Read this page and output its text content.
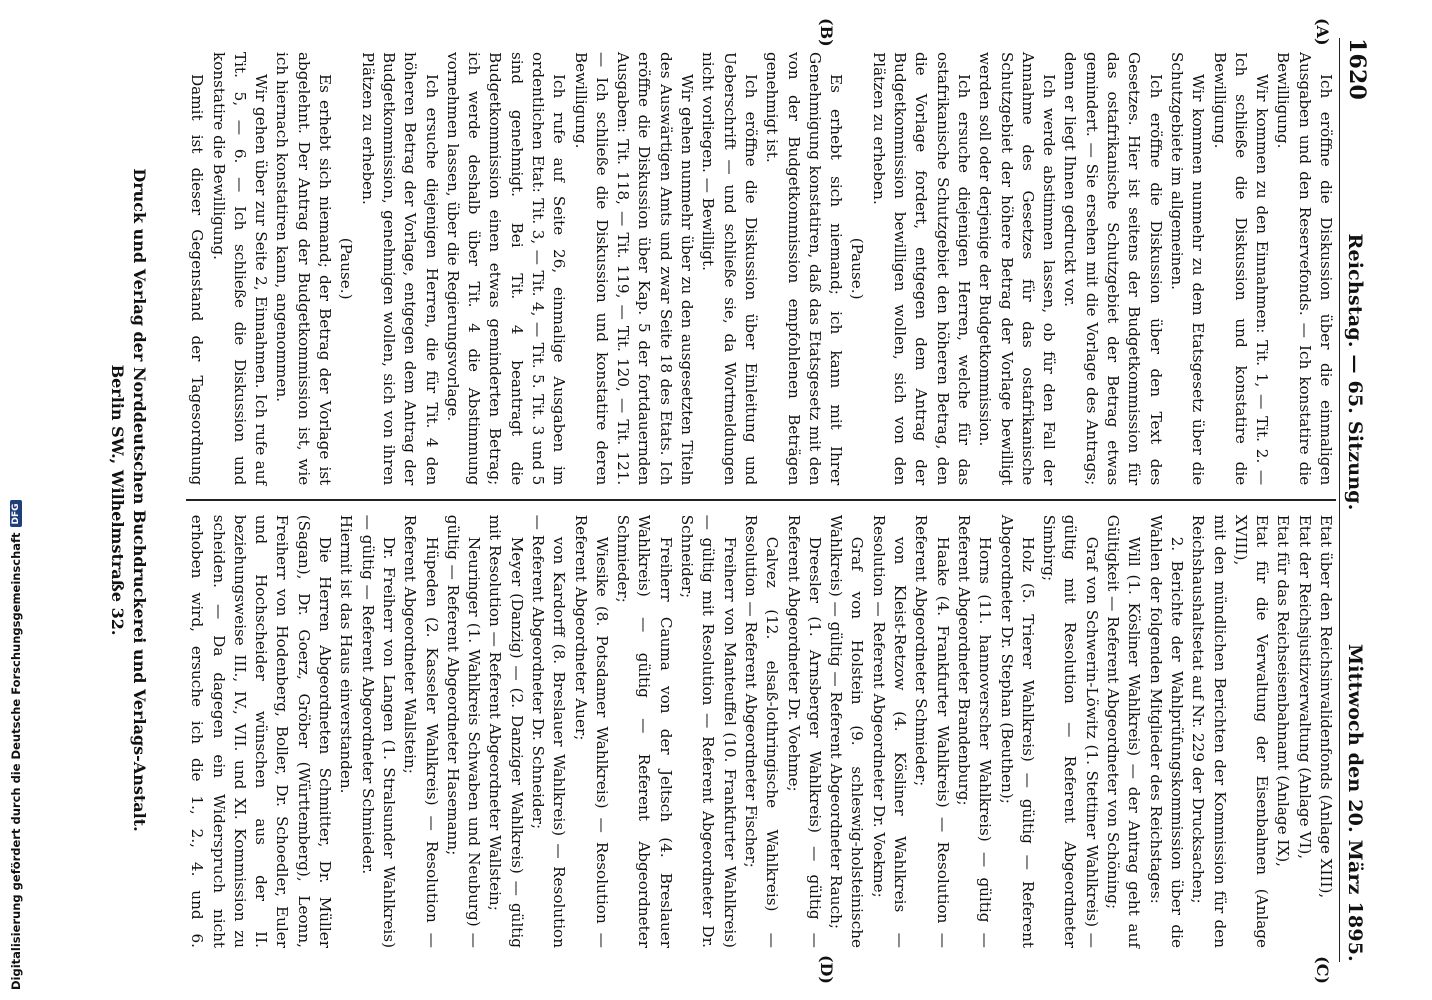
1620
Reichstag. — 65. Sitzung.
Mittwoch den 20. März 1895.
(A)
(B)
(C)
(D)

Ich eröffne die Diskussion über die einmaligen Ausgaben und den Reservefonds. — Ich konstatire die Bewilligung.

Wir kommen zu den Einnahmen: Tit. 1, — Tit. 2. — Ich schließe die Diskussion und konstatire die Bewilligung.

Wir kommen nunmehr zu dem Etatsgesetz über die Schutzgebiete im allgemeinen.

Ich eröffne die Diskussion über den Text des Gesetzes. Hier ist seitens der Budgetkommission für das ostafrikanische Schutzgebiet der Betrag etwas gemindert. — Sie ersehen mit die Vorlage des Antrags; denn er liegt Ihnen gedruckt vor.

Ich werde abstimmen lassen, ob für den Fall der Annahme des Gesetzes für das ostafrikanische Schutzgebiet der höhere Betrag der Vorlage bewilligt werden soll oder derjenige der Budgetkommission.

Ich ersuche diejenigen Herren, welche für das ostafrikanische Schutzgebiet den höheren Betrag, den die Vorlage fordert, entgegen dem Antrag der Budgetkommission bewilligen wollen, sich von den Plätzen zu erheben.

(Pause.)

Es erhebt sich niemand; ich kann mit Ihrer Genehmigung konstatiren, daß das Etatsgesetz mit den von der Budgetkommission empfohlenen Beträgen genehmigt ist.

Ich eröffne die Diskussion über Einleitung und Ueberschrift — und schließe sie, da Wortmeldungen nicht vorliegen. — Bewilligt.

Wir gehen nunmehr über zu den ausgesetzten Titeln des Auswärtigen Amts und zwar Seite 18 des Etats. Ich eröffne die Diskussion über Kap. 5 der fortdauernden Ausgaben: Tit. 118, — Tit. 119, — Tit. 120, — Tit. 121. — Ich schließe die Diskussion und konstatire deren Bewilligung.

Ich rufe auf Seite 26, einmalige Ausgaben im ordentlichen Etat: Tit. 3, — Tit. 4, — Tit. 5. Tit. 3 und 5 sind genehmigt. Bei Tit. 4 beantragt die Budgetkommission einen etwas geminderten Betrag; ich werde deshalb über Tit. 4 die Abstimmung vornehmen lassen, über die Regierungsvorlage.

Ich ersuche diejenigen Herren, die für Tit. 4 den höheren Betrag der Vorlage, entgegen dem Antrag der Budgetkommission, genehmigen wollen, sich von ihren Plätzen zu erheben.

(Pause.)

Es erhebt sich niemand; der Betrag der Vorlage ist abgelehnt. Der Antrag der Budgetkommission ist, wie ich hiernach konstatiren kann, angenommen.

Wir gehen über zur Seite 2, Einnahmen. Ich rufe auf Tit. 5, — 6. — Ich schließe die Diskussion und konstatire die Bewilligung.

Damit ist dieser Gegenstand der Tagesordnung

Etat über den Reichsinvalidenfonds (Anlage XIII),

Etat der Reichsjustizverwaltung (Anlage VI),

Etat für das Reichseisenbahnamt (Anlage IX),

Etat für die Verwaltung der Eisenbahnen (Anlage XVIII),

mit den mündlichen Berichten der Kommission für den Reichshaushaltsetat auf Nr. 229 der Drucksachen;

2. Berichte der Wahlprüfungskommission über die Wahlen der folgenden Mitglieder des Reichstages:

Will (1. Kösliner Wahlkreis) — der Antrag geht auf Gültigkeit — Referent Abgeordneter von Schöning;

Graf von Schwerin-Löwitz (1. Stettiner Wahlkreis) — gültig mit Resolution — Referent Abgeordneter Simbirg;

Holz (5. Trierer Wahlkreis) — gültig — Referent Abgeordneter Dr. Stephan (Beuthen);

Horns (11. hannoverscher Wahlkreis) — gültig — Referent Abgeordneter Brandenburg;

Haake (4. Frankfurter Wahlkreis) — Resolution — Referent Abgeordneter Schmieder;

von Kleist-Retzow (4. Kösliner Wahlkreis — Resolution — Referent Abgeordneter Dr. Voekme;

Graf von Holstein (9. schleswig-holsteinische Wahlkreis) — gültig — Referent Abgeordneter Rauch;

Dreesler (1. Arnsberger Wahlkreis) — gültig — Referent Abgeordneter Dr. Voehme;

Calvez (12. elsaß-lothringische Wahlkreis) — Resolution — Referent Abgeordneter Fischer;

Freiherr von Manteuffel (10. Frankfurter Wahlkreis) — gültig mit Resolution — Referent Abgeordneter Dr. Schneider;

Freiherr Cauma von der Jeltsch (4. Breslauer Wahlkreis) — gültig — Referent Abgeordneter Schmieder;

Wiesike (8. Potsdamer Wahlkreis) — Resolution — Referent Abgeordneter Auer;

von Kardorff (8. Breslauer Wahlkreis) — Resolution — Referent Abgeordneter Dr. Schneider;

Meyer (Danzig) — (2. Danziger Wahlkreis) — gültig mit Resolution — Referent Abgeordneter Wallstein;

Neuringer (1. Wahlkreis Schwaben und Neuburg) — gültig — Referent Abgeordneter Hasemann;

Hüpeden (2. Kasseler Wahlkreis) — Resolution — Referent Abgeordneter Wallstein;

Dr. Freiherr von Langen (1. Stralsunder Wahlkreis) — gültig — Referent Abgeordneter Schmieder.

Hiermit ist das Haus einverstanden.

Die Herren Abgeordneten Schmitter, Dr. Müller (Sagan), Dr. Goerz, Gröber (Württemberg), Leonn, Freiherr von Hodenberg, Boller, Dr. Schoedler, Euler und Hochscheider wünschen aus der II. beziehungsweise III., IV., VII. und XI. Kommission zu scheiden. — Da dagegen ein Widerspruch nicht erhoben wird, ersuche ich die 1., 2., 4. und 6.

Druck und Verlag der Norddeutschen Buchdruckerei und Verlags-Anstalt.
Berlin SW., Wilhelmstraße 32.
Digitalisierung gefördert durch die Deutsche Forschungsgemeinschaft
DFG
